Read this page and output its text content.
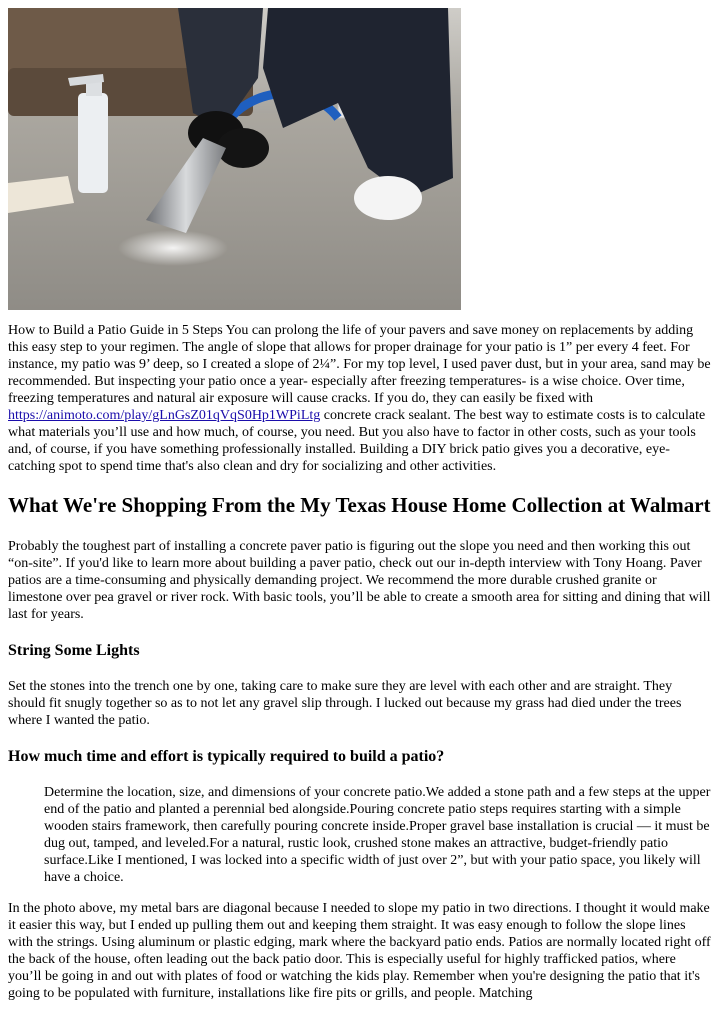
How to Build a Patio Guide in 5 Steps You can prolong the life of your pavers and save money on replacements by adding this easy step to your regimen. The angle of slope that allows for proper drainage for your patio is 1” per every 4 feet. For instance, my patio was 9’ deep, so I created a slope of 2¼”. For my top level, I used paver dust, but in your area, sand may be recommended. But inspecting your patio once a year- especially after freezing temperatures- is a wise choice. Over time, freezing temperatures and natural air exposure will cause cracks. If you do, they can easily be fixed with https://animoto.com/play/gLnGsZ01qVqS0Hp1WPiLtg concrete crack sealant. The best way to estimate costs is to calculate what materials you’ll use and how much, of course, you need. But you also have to factor in other costs, such as your tools and, of course, if you have something professionally installed. Building a DIY brick patio gives you a decorative, eye-catching spot to spend time that's also clean and dry for socializing and other activities.

What We're Shopping From the My Texas House Home Collection at Walmart

Probably the toughest part of installing a concrete paver patio is figuring out the slope you need and then working this out “on-site”. If you'd like to learn more about building a paver patio, check out our in-depth interview with Tony Hoang. Paver patios are a time-consuming and physically demanding project. We recommend the more durable crushed granite or limestone over pea gravel or river rock. With basic tools, you’ll be able to create a smooth area for sitting and dining that will last for years.

String Some Lights

Set the stones into the trench one by one, taking care to make sure they are level with each other and are straight. They should fit snugly together so as to not let any gravel slip through. I lucked out because my grass had died under the trees where I wanted the patio.

How much time and effort is typically required to build a patio?

Determine the location, size, and dimensions of your concrete patio.We added a stone path and a few steps at the upper end of the patio and planted a perennial bed alongside.Pouring concrete patio steps requires starting with a simple wooden stairs framework, then carefully pouring concrete inside.Proper gravel base installation is crucial — it must be dug out, tamped, and leveled.For a natural, rustic look, crushed stone makes an attractive, budget-friendly patio surface.Like I mentioned, I was locked into a specific width of just over 2”, but with your patio space, you likely will have a choice.

In the photo above, my metal bars are diagonal because I needed to slope my patio in two directions. I thought it would make it easier this way, but I ended up pulling them out and keeping them straight. It was easy enough to follow the slope lines with the strings. Using aluminum or plastic edging, mark where the backyard patio ends. Patios are normally located right off the back of the house, often leading out the back patio door. This is especially useful for highly trafficked patios, where you’ll be going in and out with plates of food or watching the kids play. Remember when you're designing the patio that it's going to be populated with furniture, installations like fire pits or grills, and people. Matching
